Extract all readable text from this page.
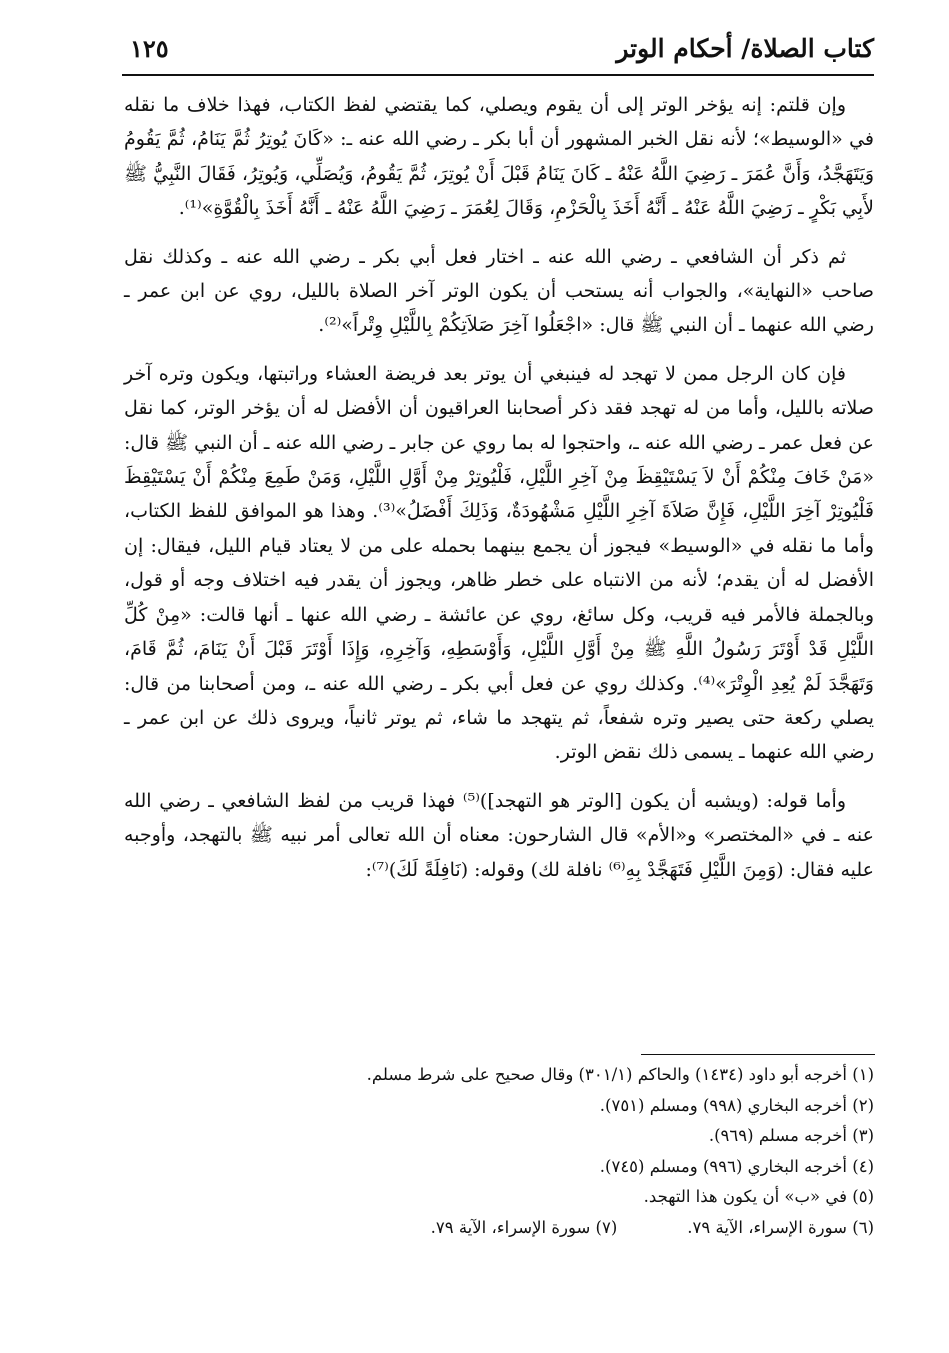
كتاب الصلاة/ أحكام الوتر
١٢٥

وإن قلتم: إنه يؤخر الوتر إلى أن يقوم ويصلي، كما يقتضي لفظ الكتاب، فهذا خلاف ما نقله في «الوسيط»؛ لأنه نقل الخبر المشهور أن أبا بكر ـ رضي الله عنه ـ: «كَانَ يُوتِرُ ثُمَّ يَنَامُ، ثُمَّ يَقُومُ وَيَتَهَجَّدُ، وَأَنَّ عُمَرَ ـ رَضِيَ اللَّهُ عَنْهُ ـ كَانَ يَنَامُ قَبْلَ أَنْ يُوتِرَ، ثُمَّ يَقُومُ، وَيُصَلِّي، وَيُوتِرُ، فَقَالَ النَّبِيُّ ﷺ لأَبِي بَكْرٍ ـ رَضِيَ اللَّهُ عَنْهُ ـ أَنَّهُ أَخَذَ بِالْحَزْمِ، وَقَالَ لِعُمَرَ ـ رَضِيَ اللَّهُ عَنْهُ ـ أَنَّهُ أَخَذَ بِالْقُوَّةِ»⁽¹⁾.

ثم ذكر أن الشافعي ـ رضي الله عنه ـ اختار فعل أبي بكر ـ رضي الله عنه ـ وكذلك نقل صاحب «النهاية»، والجواب أنه يستحب أن يكون الوتر آخر الصلاة بالليل، روي عن ابن عمر ـ رضي الله عنهما ـ أن النبي ﷺ قال: «اجْعَلُوا آخِرَ صَلاَتِكُمْ بِاللَّيْلِ وِتْراً»⁽²⁾.

فإن كان الرجل ممن لا تهجد له فينبغي أن يوتر بعد فريضة العشاء وراتبتها، ويكون وتره آخر صلاته بالليل، وأما من له تهجد فقد ذكر أصحابنا العراقيون أن الأفضل له أن يؤخر الوتر، كما نقل عن فعل عمر ـ رضي الله عنه ـ، واحتجوا له بما روي عن جابر ـ رضي الله عنه ـ أن النبي ﷺ قال: «مَنْ خَافَ مِنْكُمْ أَنْ لاَ يَسْتَيْقِظَ مِنْ آخِرِ اللَّيْلِ، فَلْيُوتِرْ مِنْ أَوَّلِ اللَّيْلِ، وَمَنْ طَمِعَ مِنْكُمْ أَنْ يَسْتَيْقِظَ فَلْيُوتِرْ آخِرَ اللَّيْلِ، فَإِنَّ صَلاَةَ آخِرِ اللَّيْلِ مَشْهُودَةٌ، وَذَلِكَ أَفْضَلُ»⁽³⁾. وهذا هو الموافق للفظ الكتاب، وأما ما نقله في «الوسيط» فيجوز أن يجمع بينهما بحمله على من لا يعتاد قيام الليل، فيقال: إن الأفضل له أن يقدم؛ لأنه من الانتباه على خطر ظاهر، ويجوز أن يقدر فيه اختلاف وجه أو قول، وبالجملة فالأمر فيه قريب، وكل سائغ، روي عن عائشة ـ رضي الله عنها ـ أنها قالت: «مِنْ كُلِّ اللَّيْلِ قَدْ أَوْتَرَ رَسُولُ اللَّهِ ﷺ مِنْ أَوَّلِ اللَّيْلِ، وَأَوْسَطِهِ، وَآخِرِهِ، وَإِذَا أَوْتَرَ قَبْلَ أَنْ يَنَامَ، ثُمَّ قَامَ، وَتَهَجَّدَ لَمْ يُعِدِ الْوِتْرَ»⁽⁴⁾. وكذلك روي عن فعل أبي بكر ـ رضي الله عنه ـ، ومن أصحابنا من قال: يصلي ركعة حتى يصير وتره شفعاً، ثم يتهجد ما شاء، ثم يوتر ثانياً، ويروى ذلك عن ابن عمر ـ رضي الله عنهما ـ يسمى ذلك نقض الوتر.

وأما قوله: (ويشبه أن يكون [الوتر هو التهجد])⁽⁵⁾ فهذا قريب من لفظ الشافعي ـ رضي الله عنه ـ في «المختصر» و«الأم» قال الشارحون: معناه أن الله تعالى أمر نبيه ﷺ بالتهجد، وأوجبه عليه فقال: (وَمِنَ اللَّيْلِ فَتَهَجَّدْ بِهِ⁽⁶⁾ نافلة لك) وقوله: (نَافِلَةً لَكَ)⁽⁷⁾:

(١) أخرجه أبو داود (١٤٣٤) والحاكم (٣٠١/١) وقال صحيح على شرط مسلم.
(٢) أخرجه البخاري (٩٩٨) ومسلم (٧٥١).
(٣) أخرجه مسلم (٩٦٩).
(٤) أخرجه البخاري (٩٩٦) ومسلم (٧٤٥).
(٥) في «ب» أن يكون هذا التهجد.
(٦) سورة الإسراء، الآية ٧٩.
(٧) سورة الإسراء، الآية ٧٩.
